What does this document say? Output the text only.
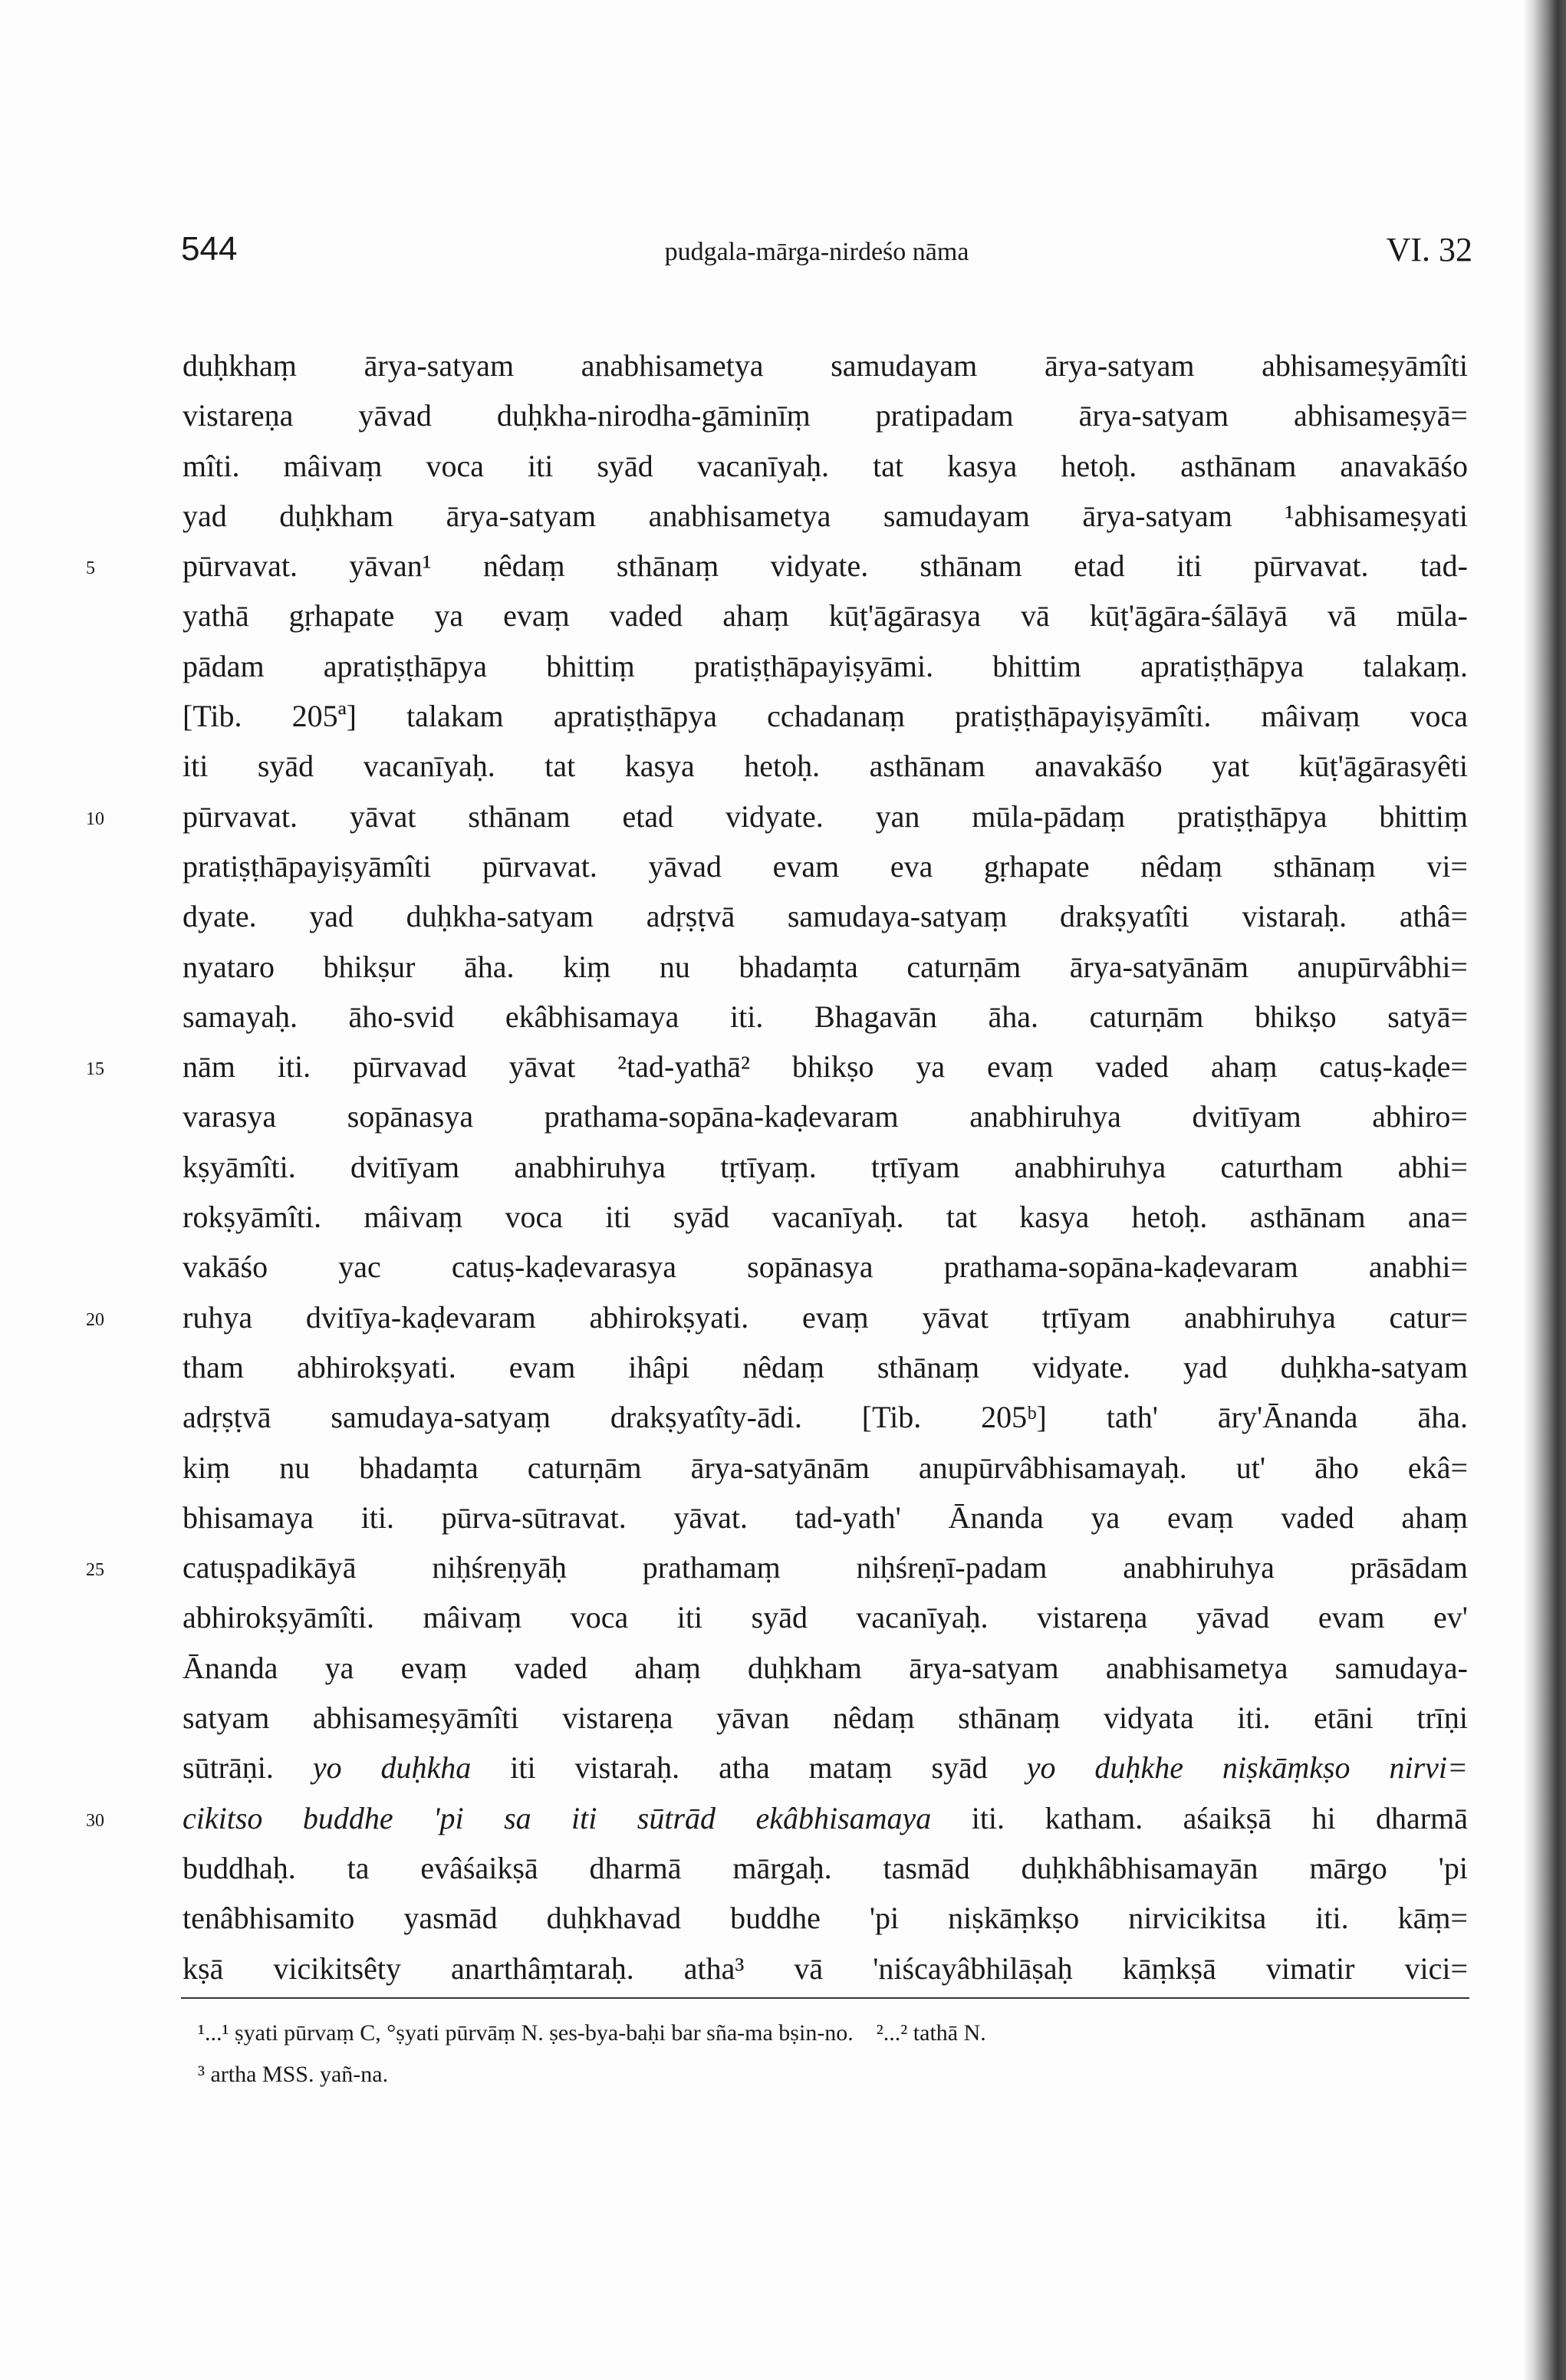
544	pudgala-mārga-nirdeśo nāma	VI. 32
duḥkhaṃ ārya-satyam anabhisametya samudayam ārya-satyam abhisameṣyāmîti
vistareṇa yāvad duḥkha-nirodha-gāminīṃ pratipadam ārya-satyam abhisameṣyā=
mîti. mâivaṃ voca iti syād vacanīyaḥ. tat kasya hetoḥ. asthānam anavakāśo
yad duḥkham ārya-satyam anabhisametya samudayam ārya-satyam ¹abhisameṣyati
5	pūrvavat. yāvan¹ nêdaṃ sthānaṃ vidyate. sthānam etad iti pūrvavat. tad-
yathā gṛhapate ya evaṃ vaded ahaṃ kūṭ'āgārasya vā kūṭ'āgāra-śālāyā vā mūla-
pādam apratiṣṭhāpya bhittiṃ pratiṣṭhāpayiṣyāmi. bhittim apratiṣṭhāpya talakaṃ.
[Tib. 205ª] talakam apratiṣṭhāpya cchadanaṃ pratiṣṭhāpayiṣyāmîti. mâivaṃ voca
iti syād vacanīyaḥ. tat kasya hetoḥ. asthānam anavakāśo yat kūṭ'āgārasyêti
10	pūrvavat. yāvat sthānam etad vidyate. yan mūla-pādaṃ pratiṣṭhāpya bhittiṃ
pratiṣṭhāpayiṣyāmîti pūrvavat. yāvad evam eva gṛhapate nêdaṃ sthānaṃ vi=
dyate. yad duḥkha-satyam adṛṣṭvā samudaya-satyaṃ drakṣyatîti vistaraḥ. athâ=
nyataro bhikṣur āha. kiṃ nu bhadaṃta caturṇām ārya-satyānām anupūrvâbhi=
samayaḥ. āho-svid ekâbhisamaya iti. Bhagavān āha. caturṇām bhikṣo satyā=
15	nām iti. pūrvavad yāvat ²tad-yathā² bhikṣo ya evaṃ vaded ahaṃ catuṣ-kaḍe=
varasya sopānasya prathama-sopāna-kaḍevaram anabhiruhya dvitīyam abhiro=
kṣyāmîti. dvitīyam anabhiruhya tṛtīyaṃ. tṛtīyam anabhiruhya caturtham abhi=
rokṣyāmîti. mâivaṃ voca iti syād vacanīyaḥ. tat kasya hetoḥ. asthānam ana=
vakāśo yac catuṣ-kaḍevarasya sopānasya prathama-sopāna-kaḍevaram anabhi=
20	ruhya dvitīya-kaḍevaram abhirokṣyati. evaṃ yāvat tṛtīyam anabhiruhya catur=
tham abhirokṣyati. evam ihâpi nêdaṃ sthānaṃ vidyate. yad duḥkha-satyam
adṛṣṭvā samudaya-satyaṃ drakṣyatîty-ādi. [Tib. 205ᵇ] tath' āry'Ānanda āha.
kiṃ nu bhadaṃta caturṇām ārya-satyānām anupūrvâbhisamayaḥ. ut' āho ekâ=
bhisamaya iti. pūrva-sūtravat. yāvat. tad-yath' Ānanda ya evaṃ vaded ahaṃ
25	catuṣpadikāyā niḥśreṇyāḥ prathamaṃ niḥśreṇī-padam anabhiruhya prāsādam
abhirokṣyāmîti. mâivaṃ voca iti syād vacanīyaḥ. vistareṇa yāvad evam ev'
Ānanda ya evaṃ vaded ahaṃ duḥkham ārya-satyam anabhisametya samudaya-
satyam abhisameṣyāmîti vistareṇa yāvan nêdaṃ sthānaṃ vidyata iti. etāni trīṇi
sūtrāṇi. yo duḥkha iti vistaraḥ. atha mataṃ syād yo duḥkhe niṣkāṃkṣo nirvi=
30	cikitso buddhe 'pi sa iti sūtrād ekâbhisamaya iti. katham. aśaikṣā hi dharmā
buddhaḥ. ta evâśaikṣā dharmā mārgaḥ. tasmād duḥkhâbhisamayān mārgo 'pi
tenâbhisamito yasmād duḥkhavad buddhe 'pi niṣkāṃkṣo nirvicikitsa iti. kāṃ=
kṣā vicikitsêty anarthâṃtaraḥ. atha³ vā 'niścayâbhilāṣaḥ kāṃkṣā vimatir vici=
¹...¹ ṣyati pūrvaṃ C, °ṣyati pūrvāṃ N. ṣes-bya-baḥi bar sña-ma bṣin-no.    ²...² tathā N.
³ artha MSS. yañ-na.
